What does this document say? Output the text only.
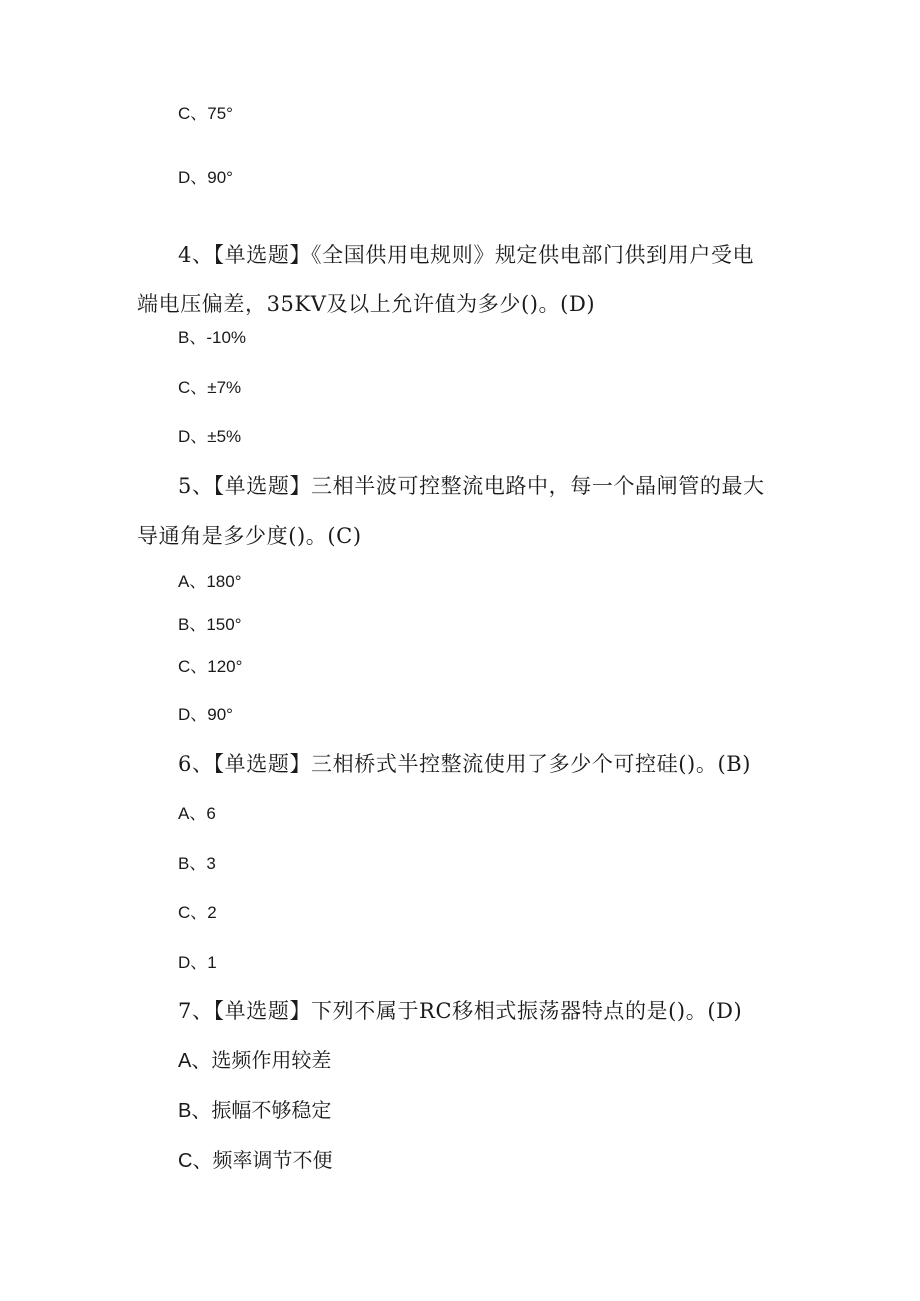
C、75°
D、90°
4、【单选题】《全国供用电规则》规定供电部门供到用户受电
端电压偏差，35KV及以上允许值为多少()。(D)
B、-10%
C、±7%
D、±5%
5、【单选题】三相半波可控整流电路中，每一个晶闸管的最大
导通角是多少度()。(C)
A、180°
B、150°
C、120°
D、90°
6、【单选题】三相桥式半控整流使用了多少个可控硅()。(B)
A、6
B、3
C、2
D、1
7、【单选题】下列不属于RC移相式振荡器特点的是()。(D)
A、选频作用较差
B、振幅不够稳定
C、频率调节不便
